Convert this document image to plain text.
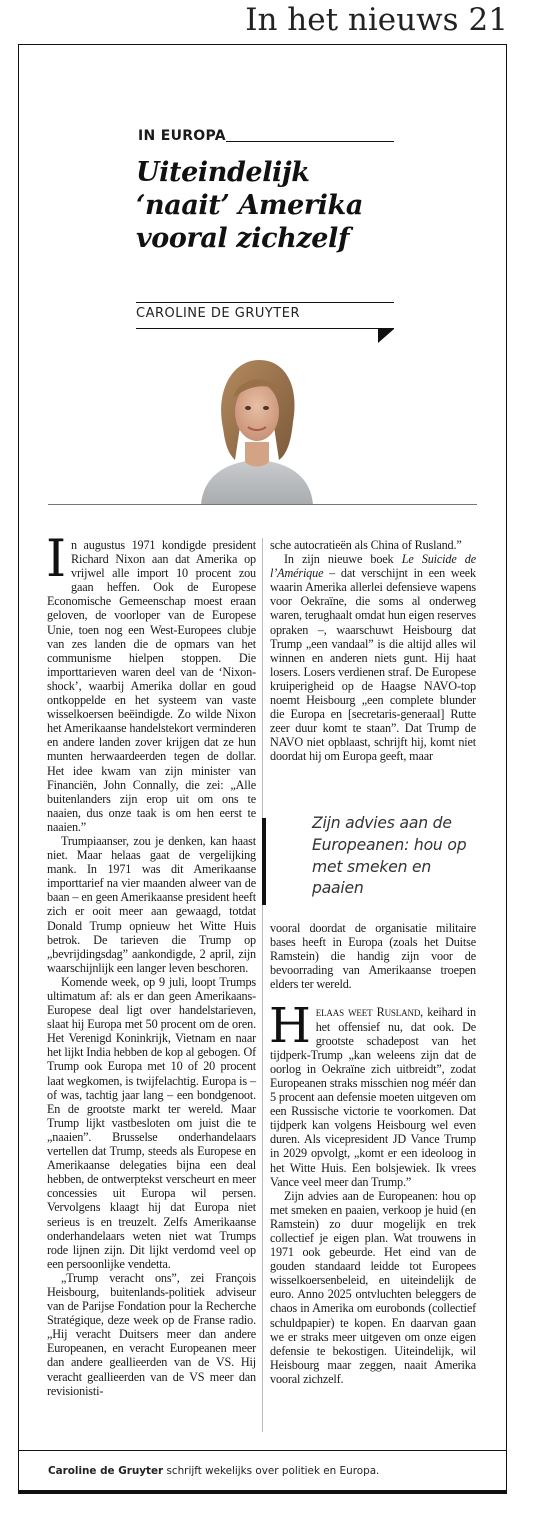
In het nieuws 21
IN EUROPA
Uiteindelijk
‘naait’ Amerika
vooral zichzelf
CAROLINE DE GRUYTER

In augustus 1971 kondigde president Richard Nixon aan dat Amerika op vrijwel alle import 10 procent zou gaan heffen. Ook de Europese Economische Gemeenschap moest eraan geloven, de voorloper van de Europese Unie, toen nog een West-Europees clubje van zes landen die de opmars van het communisme hielpen stoppen. Die importtarieven waren deel van de ‘Nixon-shock’, waarbij Amerika dollar en goud ontkoppelde en het systeem van vaste wisselkoersen beëindigde. Zo wilde Nixon het Amerikaanse handelstekort verminderen en andere landen zover krijgen dat ze hun munten herwaardeerden tegen de dollar. Het idee kwam van zijn minister van Financiën, John Connally, die zei: „Alle buitenlanders zijn erop uit om ons te naaien, dus onze taak is om hen eerst te naaien.”

Trumpiaanser, zou je denken, kan haast niet. Maar helaas gaat de vergelijking mank. In 1971 was dit Amerikaanse importtarief na vier maanden alweer van de baan – en geen Amerikaanse president heeft zich er ooit meer aan gewaagd, totdat Donald Trump opnieuw het Witte Huis betrok. De tarieven die Trump op „bevrijdingsdag” aankondigde, 2 april, zijn waarschijnlijk een langer leven beschoren.

Komende week, op 9 juli, loopt Trumps ultimatum af: als er dan geen Amerikaans-Europese deal ligt over handelstarieven, slaat hij Europa met 50 procent om de oren. Het Verenigd Koninkrijk, Vietnam en naar het lijkt India hebben de kop al gebogen. Of Trump ook Europa met 10 of 20 procent laat wegkomen, is twijfelachtig. Europa is – of was, tachtig jaar lang – een bondgenoot. En de grootste markt ter wereld. Maar Trump lijkt vastbesloten om juist die te „naaien”. Brusselse onderhandelaars vertellen dat Trump, steeds als Europese en Amerikaanse delegaties bijna een deal hebben, de ontwerptekst verscheurt en meer concessies uit Europa wil persen. Vervolgens klaagt hij dat Europa niet serieus is en treuzelt. Zelfs Amerikaanse onderhandelaars weten niet wat Trumps rode lijnen zijn. Dit lijkt verdomd veel op een persoonlijke vendetta.

„Trump veracht ons”, zei François Heisbourg, buitenlands-politiek adviseur van de Parijse Fondation pour la Recherche Stratégique, deze week op de Franse radio. „Hij veracht Duitsers meer dan andere Europeanen, en veracht Europeanen meer dan andere geallieerden van de VS. Hij veracht geallieerden van de VS meer dan revisionisti-

sche autocratieën als China of Rusland.”

In zijn nieuwe boek Le Suicide de l’Amérique – dat verschijnt in een week waarin Amerika allerlei defensieve wapens voor Oekraïne, die soms al onderweg waren, terughaalt omdat hun eigen reserves opraken –, waarschuwt Heisbourg dat Trump „een vandaal” is die altijd alles wil winnen en anderen niets gunt. Hij haat losers. Losers verdienen straf. De Europese kruiperigheid op de Haagse NAVO-top noemt Heisbourg „een complete blunder die Europa en [secretaris-generaal] Rutte zeer duur komt te staan”. Dat Trump de NAVO niet opblaast, schrijft hij, komt niet doordat hij om Europa geeft, maar

Zijn advies aan de Europeanen: hou op met smeken en paaien

vooral doordat de organisatie militaire bases heeft in Europa (zoals het Duitse Ramstein) die handig zijn voor de bevoorrading van Amerikaanse troepen elders ter wereld.

Helaas weet Rusland, keihard in het offensief nu, dat ook. De grootste schadepost van het tijdperk-Trump „kan weleens zijn dat de oorlog in Oekraïne zich uitbreidt”, zodat Europeanen straks misschien nog méér dan 5 procent aan defensie moeten uitgeven om een Russische victorie te voorkomen. Dat tijdperk kan volgens Heisbourg wel even duren. Als vicepresident JD Vance Trump in 2029 opvolgt, „komt er een ideoloog in het Witte Huis. Een bolsjewiek. Ik vrees Vance veel meer dan Trump.”

Zijn advies aan de Europeanen: hou op met smeken en paaien, verkoop je huid (en Ramstein) zo duur mogelijk en trek collectief je eigen plan. Wat trouwens in 1971 ook gebeurde. Het eind van de gouden standaard leidde tot Europees wisselkoersenbeleid, en uiteindelijk de euro. Anno 2025 ontvluchten beleggers de chaos in Amerika om eurobonds (collectief schuldpapier) te kopen. En daarvan gaan we er straks meer uitgeven om onze eigen defensie te bekostigen. Uiteindelijk, wil Heisbourg maar zeggen, naait Amerika vooral zichzelf.

Caroline de Gruyter schrijft wekelijks over politiek en Europa.
